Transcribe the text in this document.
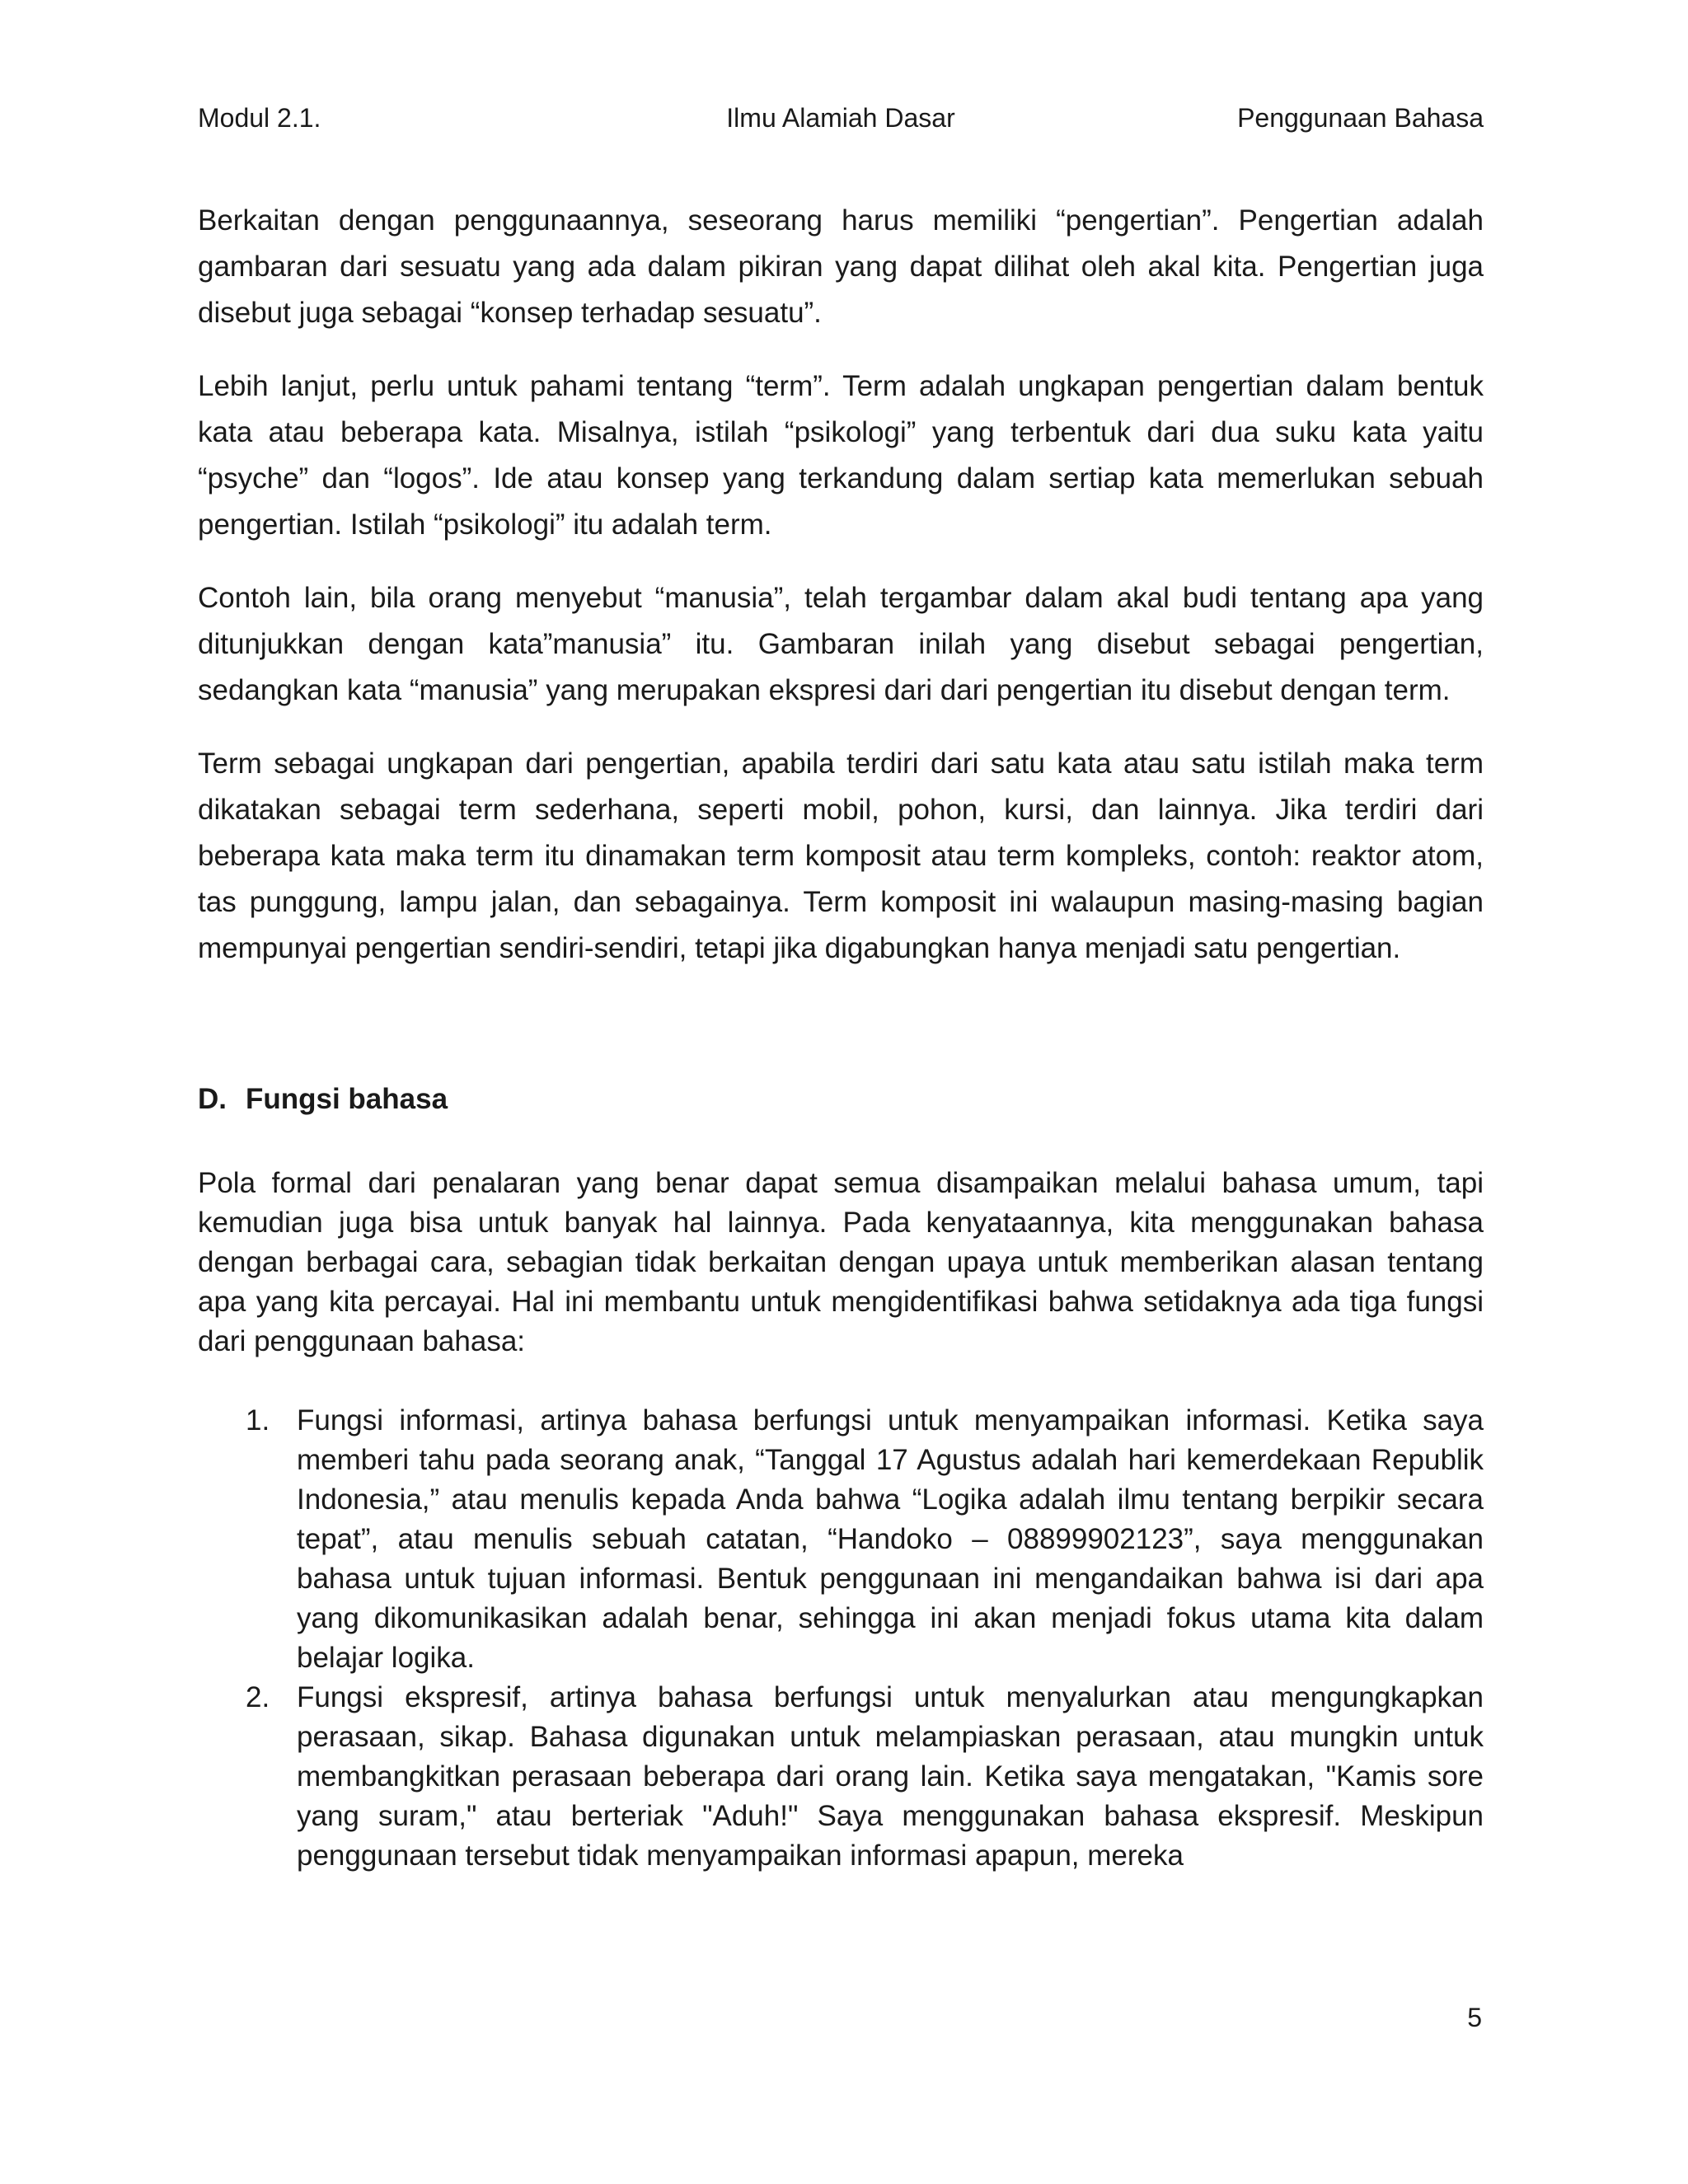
Modul 2.1.	Ilmu Alamiah Dasar	Penggunaan Bahasa

Berkaitan dengan penggunaannya, seseorang harus memiliki “pengertian”. Pengertian adalah gambaran dari sesuatu yang ada dalam pikiran yang dapat dilihat oleh akal kita. Pengertian juga disebut juga sebagai “konsep terhadap sesuatu”.

Lebih lanjut, perlu untuk pahami tentang “term”. Term adalah ungkapan pengertian dalam bentuk kata atau beberapa kata. Misalnya, istilah “psikologi” yang terbentuk dari dua suku kata yaitu “psyche” dan “logos”. Ide atau konsep yang terkandung dalam sertiap kata memerlukan sebuah pengertian. Istilah “psikologi” itu adalah term.

Contoh lain, bila orang menyebut “manusia”, telah tergambar dalam akal budi tentang apa yang ditunjukkan dengan kata”manusia” itu. Gambaran inilah yang disebut sebagai pengertian, sedangkan kata “manusia” yang merupakan ekspresi dari dari pengertian itu disebut dengan term.

Term sebagai ungkapan dari pengertian, apabila terdiri dari satu kata atau satu istilah maka term dikatakan sebagai term sederhana, seperti mobil, pohon, kursi, dan lainnya. Jika terdiri dari beberapa kata maka term itu dinamakan term komposit atau term kompleks, contoh: reaktor atom, tas punggung, lampu jalan, dan sebagainya. Term komposit ini walaupun masing-masing bagian mempunyai pengertian sendiri-sendiri, tetapi jika digabungkan hanya menjadi satu pengertian.

D. Fungsi bahasa

Pola formal dari penalaran yang benar dapat semua disampaikan melalui bahasa umum, tapi kemudian juga bisa untuk banyak hal lainnya. Pada kenyataannya, kita menggunakan bahasa dengan berbagai cara, sebagian tidak berkaitan dengan upaya untuk memberikan alasan tentang apa yang kita percayai. Hal ini membantu untuk mengidentifikasi bahwa setidaknya ada tiga fungsi dari penggunaan bahasa:

1. Fungsi informasi, artinya bahasa berfungsi untuk menyampaikan informasi. Ketika saya memberi tahu pada seorang anak, “Tanggal 17 Agustus adalah hari kemerdekaan Republik Indonesia,” atau menulis kepada Anda bahwa “Logika adalah ilmu tentang berpikir secara tepat”, atau menulis sebuah catatan, “Handoko – 08899902123”, saya menggunakan bahasa untuk tujuan informasi. Bentuk penggunaan ini mengandaikan bahwa isi dari apa yang dikomunikasikan adalah benar, sehingga ini akan menjadi fokus utama kita dalam belajar logika.
2. Fungsi ekspresif, artinya bahasa berfungsi untuk menyalurkan atau mengungkapkan perasaan, sikap. Bahasa digunakan untuk melampiaskan perasaan, atau mungkin untuk membangkitkan perasaan beberapa dari orang lain. Ketika saya mengatakan, "Kamis sore yang suram," atau berteriak "Aduh!" Saya menggunakan bahasa ekspresif. Meskipun penggunaan tersebut tidak menyampaikan informasi apapun, mereka
5
